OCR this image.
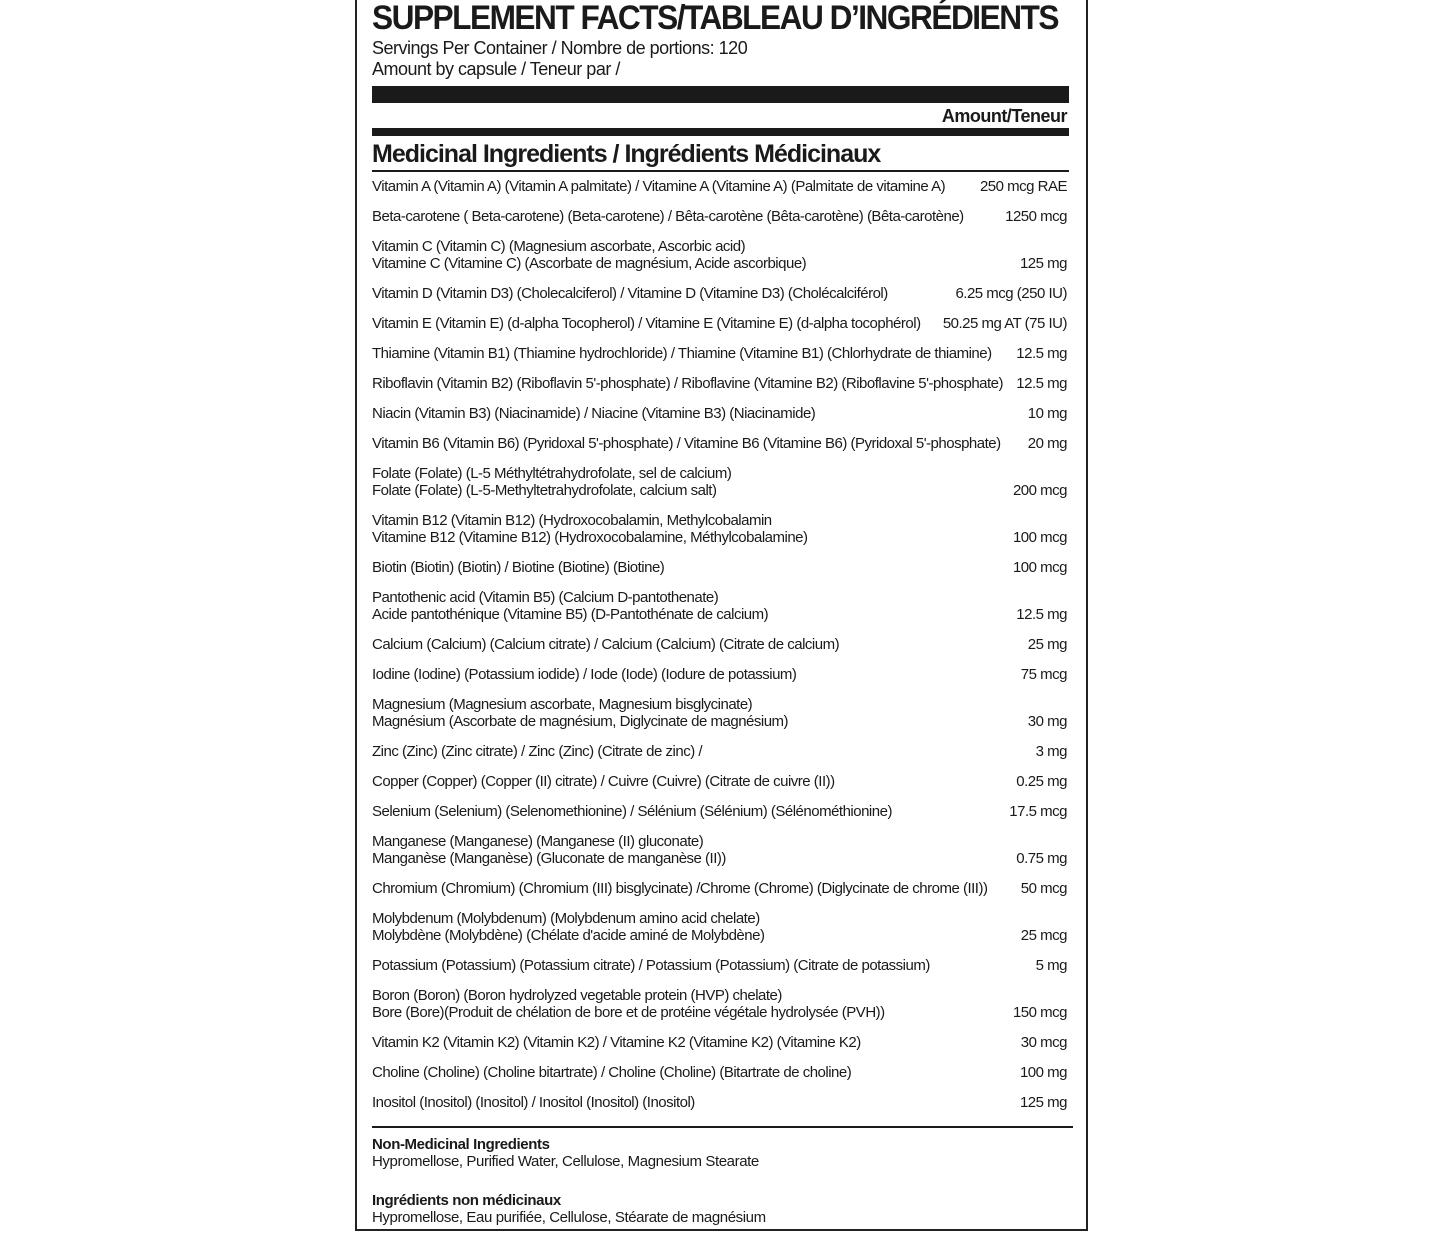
SUPPLEMENT FACTS/TABLEAU D’INGRÉDIENTS
Servings Per Container / Nombre de portions: 120
Amount by capsule / Teneur par /
Amount/Teneur
Medicinal Ingredients / Ingrédients Médicinaux
Vitamin A (Vitamin A) (Vitamin A palmitate) / Vitamine A (Vitamine A) (Palmitate de vitamine A) 250 mcg RAE
Beta-carotene ( Beta-carotene) (Beta-carotene) / Bêta-carotène (Bêta-carotène) (Bêta-carotène)	1250 mcg
Vitamin C (Vitamin C) (Magnesium ascorbate, Ascorbic acid)
Vitamine C (Vitamine C) (Ascorbate de magnésium, Acide ascorbique)	125 mg
Vitamin D (Vitamin D3) (Cholecalciferol) / Vitamine D (Vitamine D3) (Cholécalciférol)	6.25 mcg (250 IU)
Vitamin E (Vitamin E) (d-alpha Tocopherol) / Vitamine E (Vitamine E) (d-alpha tocophérol) 50.25 mg AT (75 IU)
Thiamine (Vitamin B1) (Thiamine hydrochloride) / Thiamine (Vitamine B1) (Chlorhydrate de thiamine) 12.5 mg
Riboflavin (Vitamin B2) (Riboflavin 5'-phosphate) / Riboflavine (Vitamine B2) (Riboflavine 5'-phosphate) 12.5 mg
Niacin (Vitamin B3) (Niacinamide) / Niacine (Vitamine B3) (Niacinamide)	10 mg
Vitamin B6 (Vitamin B6) (Pyridoxal 5'-phosphate) / Vitamine B6 (Vitamine B6) (Pyridoxal 5'-phosphate) 20 mg
Folate (Folate) (L-5 Méthyltétrahydrofolate, sel de calcium)
Folate (Folate) (L-5-Methyltetrahydrofolate, calcium salt)	200 mcg
Vitamin B12 (Vitamin B12) (Hydroxocobalamin, Methylcobalamin
Vitamine B12 (Vitamine B12) (Hydroxocobalamine, Méthylcobalamine)	100 mcg
Biotin (Biotin) (Biotin) / Biotine (Biotine) (Biotine)	100 mcg
Pantothenic acid (Vitamin B5) (Calcium D-pantothenate)
Acide pantothénique (Vitamine B5) (D-Pantothénate de calcium)	12.5 mg
Calcium (Calcium) (Calcium citrate) / Calcium (Calcium) (Citrate de calcium)	25 mg
Iodine (Iodine) (Potassium iodide) / Iode (Iode) (Iodure de potassium)	75 mcg
Magnesium (Magnesium ascorbate, Magnesium bisglycinate)
Magnésium (Ascorbate de magnésium, Diglycinate de magnésium)	30 mg
Zinc (Zinc) (Zinc citrate) / Zinc (Zinc) (Citrate de zinc) /	3 mg
Copper (Copper) (Copper (II) citrate) / Cuivre (Cuivre) (Citrate de cuivre (II))	0.25 mg
Selenium (Selenium) (Selenomethionine) / Sélénium (Sélénium) (Sélénométhionine)	17.5 mcg
Manganese (Manganese) (Manganese (II) gluconate)
Manganèse (Manganèse) (Gluconate de manganèse (II))	0.75 mg
Chromium (Chromium) (Chromium (III) bisglycinate) /Chrome (Chrome) (Diglycinate de chrome (III)) 50 mcg
Molybdenum (Molybdenum) (Molybdenum amino acid chelate)
Molybdène (Molybdène) (Chélate d'acide aminé de Molybdène)	25 mcg
Potassium (Potassium) (Potassium citrate) / Potassium (Potassium) (Citrate de potassium)	5 mg
Boron (Boron) (Boron hydrolyzed vegetable protein (HVP) chelate)
Bore (Bore)(Produit de chélation de bore et de protéine végétale hydrolysée (PVH))	150 mcg
Vitamin K2 (Vitamin K2) (Vitamin K2) / Vitamine K2 (Vitamine K2) (Vitamine K2)	30 mcg
Choline (Choline) (Choline bitartrate) / Choline (Choline) (Bitartrate de choline)	100 mg
Inositol (Inositol) (Inositol) / Inositol (Inositol) (Inositol)	125 mg
Non-Medicinal Ingredients
Hypromellose, Purified Water, Cellulose, Magnesium Stearate
Ingrédients non médicinaux
Hypromellose, Eau purifiée, Cellulose, Stéarate de magnésium
